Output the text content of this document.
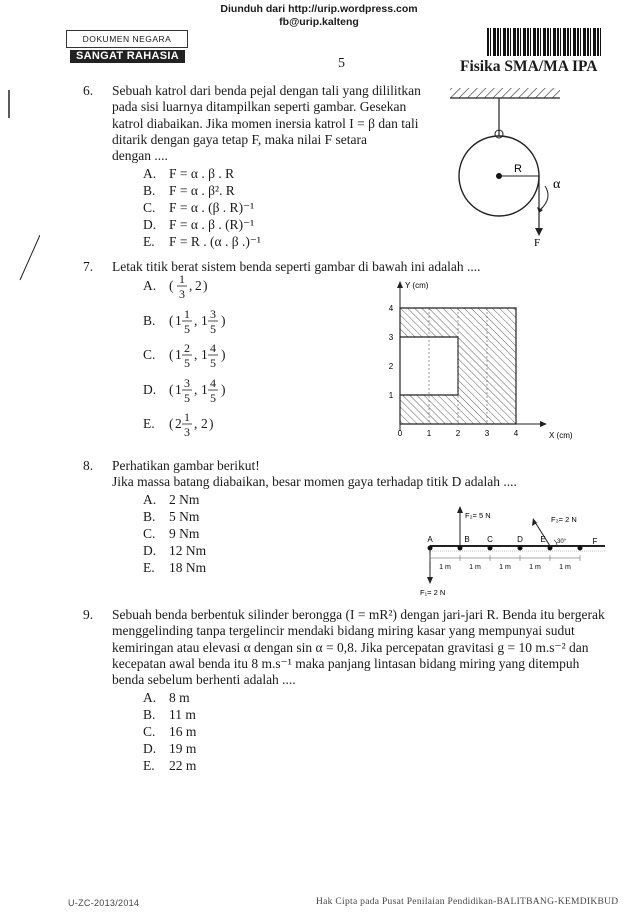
Diunduh dari http://urip.wordpress.com
fb@urip.kalteng
DOKUMEN NEGARA
SANGAT RAHASIA	5	Fisika SMA/MA IPA
6. Sebuah katrol dari benda pejal dengan tali yang dililitkan
pada sisi luarnya ditampilkan seperti gambar. Gesekan
katrol diabaikan. Jika momen inersia katrol I = β dan tali
ditarik dengan gaya tetap F, maka nilai F setara
dengan ....
A. F = α . β . R
B. F = α . β². R
C. F = α . (β . R)⁻¹
D. F = α . β . (R)⁻¹
E. F = R . (α . β .)⁻¹
R
F
α
7. Letak titik berat sistem benda seperti gambar di bawah ini adalah ....
A. ( 1
3
, 2 )
B. ( 1 1
5
, 1 3
5
)
C. ( 1 2
5
, 1 4
5
)
D. ( 1 3
5
, 1 4
5
)
E. ( 2 1
3
, 2 )
Y (cm)
X (cm)
0	1	2	3	4
1
2
3
4
8. Perhatikan gambar berikut!
Jika massa batang diabaikan, besar momen gaya terhadap titik D adalah ....
A. 2 Nm
B. 5 Nm
C. 9 Nm
D. 12 Nm
E. 18 Nm
A	B C	D E	F
F₂= 5 N
F₁= 2 N
F₃= 2 N
30°
1 m	1 m	1 m	1 m	1 m
9. Sebuah benda berbentuk silinder berongga (I = mR²) dengan jari-jari R. Benda itu bergerak
menggelinding tanpa tergelincir mendaki bidang miring kasar yang mempunyai sudut
kemiringan atau elevasi α dengan sin α = 0,8. Jika percepatan gravitasi g = 10 m.s⁻² dan
kecepatan awal benda itu 8 m.s⁻¹ maka panjang lintasan bidang miring yang ditempuh
benda sebelum berhenti adalah ....
A. 8 m
B. 11 m
C. 16 m
D. 19 m
E. 22 m
U-ZC-2013/2014	Hak Cipta pada Pusat Penilaian Pendidikan-BALITBANG-KEMDIKBUD
